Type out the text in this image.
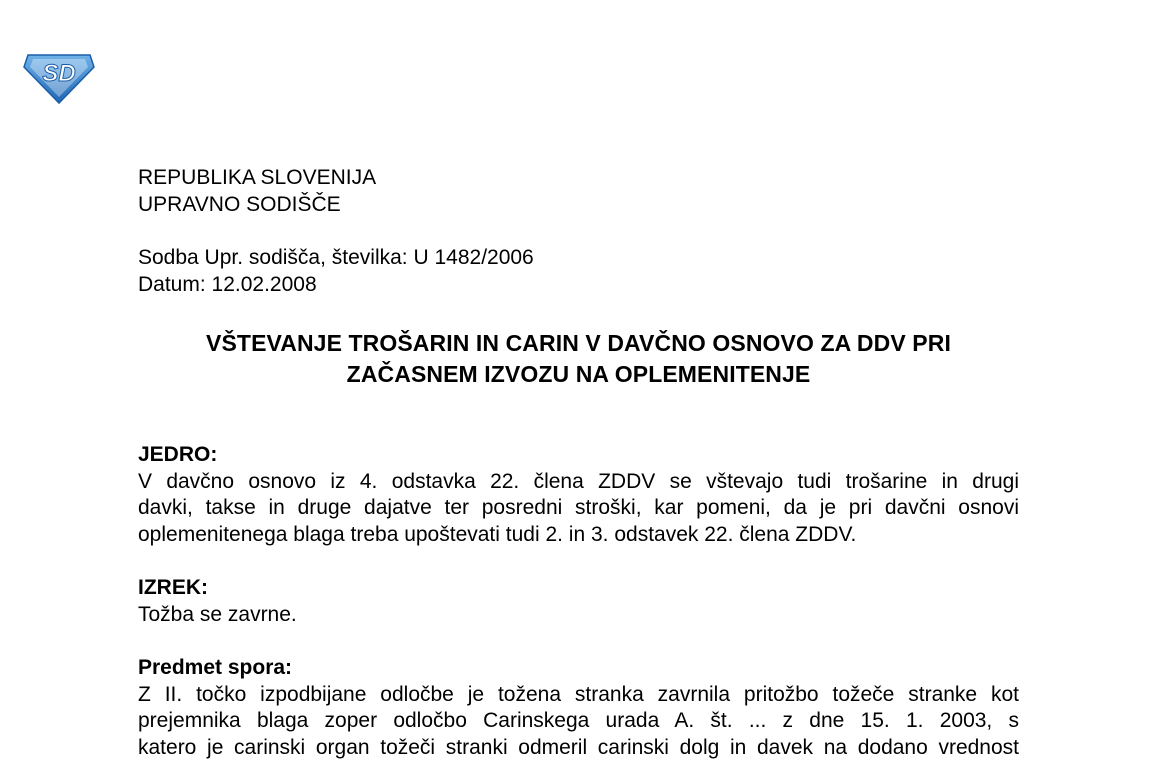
SD
REPUBLIKA SLOVENIJA
UPRAVNO SODIŠČE
Sodba Upr. sodišča, številka: U 1482/2006
Datum: 12.02.2008
VŠTEVANJE TROŠARIN IN CARIN V DAVČNO OSNOVO ZA DDV PRI
ZAČASNEM IZVOZU NA OPLEMENITENJE
JEDRO:
V davčno osnovo iz 4. odstavka 22. člena ZDDV se vštevajo tudi trošarine in drugi
davki, takse in druge dajatve ter posredni stroški, kar pomeni, da je pri davčni osnovi
oplemenitenega blaga treba upoštevati tudi 2. in 3. odstavek 22. člena ZDDV.
IZREK:
Tožba se zavrne.
Predmet spora:
Z II. točko izpodbijane odločbe je tožena stranka zavrnila pritožbo tožeče stranke kot
prejemnika blaga zoper odločbo Carinskega urada A. št. ... z dne 15. 1. 2003, s
katero je carinski organ tožeči stranki odmeril carinski dolg in davek na dodano vrednost
